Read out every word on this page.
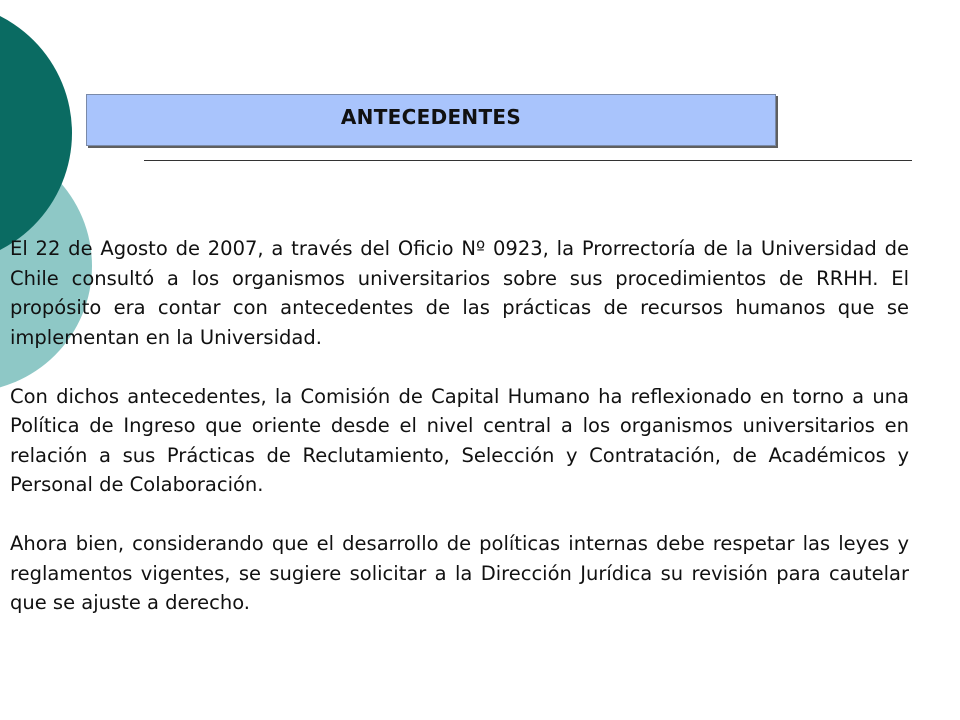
ANTECEDENTES

El 22 de Agosto de 2007, a través del Oficio Nº 0923, la Prorrectoría de la Universidad de Chile consultó a los organismos universitarios sobre sus procedimientos de RRHH. El propósito era contar con antecedentes de las prácticas de recursos humanos que se implementan en la Universidad.

Con dichos antecedentes, la Comisión de Capital Humano ha reflexionado en torno a una Política de Ingreso que oriente desde el nivel central a los organismos universitarios en relación a sus Prácticas de Reclutamiento, Selección y Contratación, de Académicos y Personal de Colaboración.

Ahora bien, considerando que el desarrollo de políticas internas debe respetar las leyes y reglamentos vigentes, se sugiere solicitar a la Dirección Jurídica su revisión para cautelar que se ajuste a derecho.
